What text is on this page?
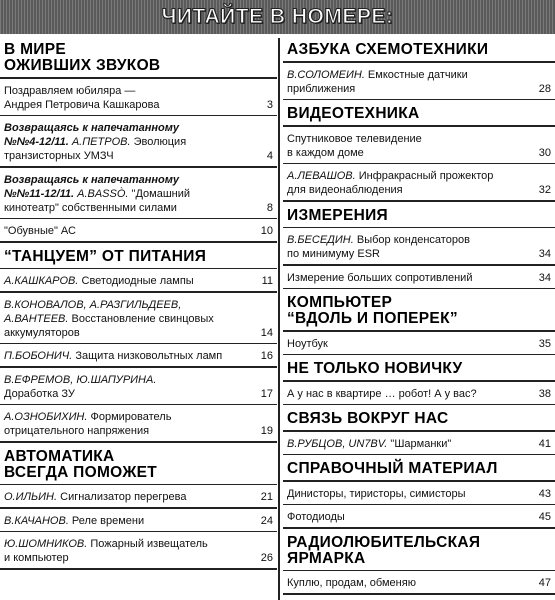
ЧИТАЙТЕ В НОМЕРЕ:
В МИРЕ
ОЖИВШИХ ЗВУКОВ
Поздравляем юбиляра —
Андрея Петровича Кашкарова	3
Возвращаясь к напечатанному
№№4-12/11. А.ПЕТРОВ. Эволюция
транзисторных УМЗЧ	4
Возвращаясь к напечатанному
№№11-12/11. A.BASSÒ. "Домашний
кинотеатр" собственными силами	8
"Обувные" АС	10
“ТАНЦУЕМ” ОТ ПИТАНИЯ
А.КАШКАРОВ. Светодиодные лампы	11
В.КОНОВАЛОВ, А.РАЗГИЛЬДЕЕВ,
А.ВАНТЕЕВ. Восстановление свинцовых
аккумуляторов	14
П.БОБОНИЧ. Защита низковольтных ламп	16
В.ЕФРЕМОВ, Ю.ШАПУРИНА.
Доработка ЗУ	17
А.ОЗНОБИХИН. Формирователь
отрицательного напряжения	19
АВТОМАТИКА
ВСЕГДА ПОМОЖЕТ
О.ИЛЬИН. Сигнализатор перегрева	21
В.КАЧАНОВ. Реле времени	24
Ю.ШОМНИКОВ. Пожарный извещатель
и компьютер	26
АЗБУКА СХЕМОТЕХНИКИ
В.СОЛОМЕИН. Емкостные датчики
приближения	28
ВИДЕОТЕХНИКА
Спутниковое телевидение
в каждом доме	30
А.ЛЕВАШОВ. Инфракрасный прожектор
для видеонаблюдения	32
ИЗМЕРЕНИЯ
В.БЕСЕДИН. Выбор конденсаторов
по минимуму ESR	34
Измерение больших сопротивлений	34
КОМПЬЮТЕР
“ВДОЛЬ И ПОПЕРЕК”
Ноутбук	35
НЕ ТОЛЬКО НОВИЧКУ
А у нас в квартире … робот! А у вас?	38
СВЯЗЬ ВОКРУГ НАС
В.РУБЦОВ, UN7BV. "Шарманки"	41
СПРАВОЧНЫЙ МАТЕРИАЛ
Динисторы, тиристоры, симисторы	43
Фотодиоды	45
РАДИОЛЮБИТЕЛЬСКАЯ
ЯРМАРКА
Куплю, продам, обменяю	47
